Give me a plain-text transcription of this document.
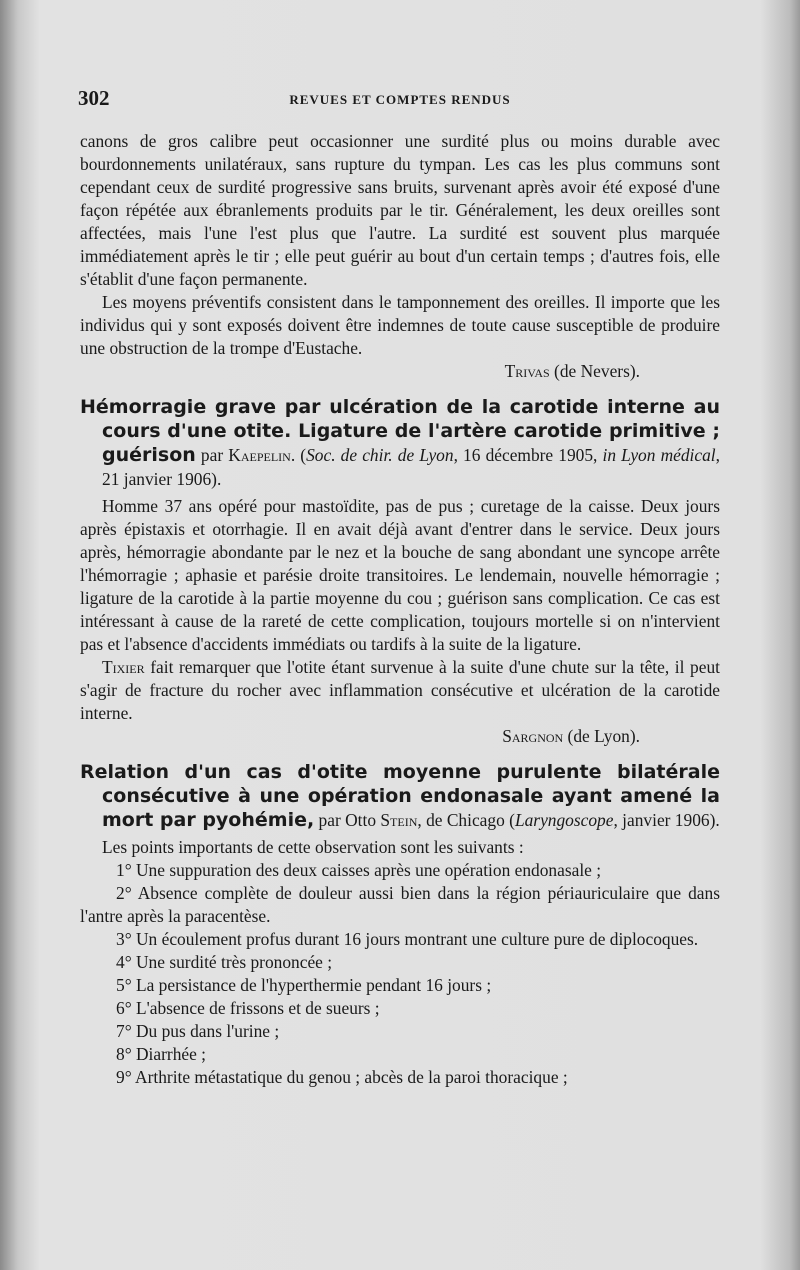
302	REVUES ET COMPTES RENDUS

canons de gros calibre peut occasionner une surdité plus ou moins durable avec bourdonnements unilatéraux, sans rupture du tympan. Les cas les plus communs sont cependant ceux de surdité progressive sans bruits, survenant après avoir été exposé d'une façon répétée aux ébranlements produits par le tir. Généralement, les deux oreilles sont affectées, mais l'une l'est plus que l'autre. La surdité est souvent plus marquée immédiatement après le tir ; elle peut guérir au bout d'un certain temps ; d'autres fois, elle s'établit d'une façon permanente.

Les moyens préventifs consistent dans le tamponnement des oreilles. Il importe que les individus qui y sont exposés doivent être indemnes de toute cause susceptible de produire une obstruction de la trompe d'Eustache.

Trivas (de Nevers).

Hémorragie grave par ulcération de la carotide interne au cours d'une otite. Ligature de l'artère carotide primitive ; guérison par Kaepelin. (Soc. de chir. de Lyon, 16 décembre 1905, in Lyon médical, 21 janvier 1906).

Homme 37 ans opéré pour mastoïdite, pas de pus ; curetage de la caisse. Deux jours après épistaxis et otorrhagie. Il en avait déjà avant d'entrer dans le service. Deux jours après, hémorragie abondante par le nez et la bouche de sang abondant une syncope arrête l'hémorragie ; aphasie et parésie droite transitoires. Le lendemain, nouvelle hémorragie ; ligature de la carotide à la partie moyenne du cou ; guérison sans complication. Ce cas est intéressant à cause de la rareté de cette complication, toujours mortelle si on n'intervient pas et l'absence d'accidents immédiats ou tardifs à la suite de la ligature.

Tixier fait remarquer que l'otite étant survenue à la suite d'une chute sur la tête, il peut s'agir de fracture du rocher avec inflammation consécutive et ulcération de la carotide interne.

Sargnon (de Lyon).

Relation d'un cas d'otite moyenne purulente bilatérale consécutive à une opération endonasale ayant amené la mort par pyohémie, par Otto Stein, de Chicago (Laryngoscope, janvier 1906).

Les points importants de cette observation sont les suivants :

1° Une suppuration des deux caisses après une opération endonasale ;
2° Absence complète de douleur aussi bien dans la région périauriculaire que dans l'antre après la paracentèse.
3° Un écoulement profus durant 16 jours montrant une culture pure de diplocoques.
4° Une surdité très prononcée ;
5° La persistance de l'hyperthermie pendant 16 jours ;
6° L'absence de frissons et de sueurs ;
7° Du pus dans l'urine ;
8° Diarrhée ;
9° Arthrite métastatique du genou ; abcès de la paroi thoracique ;
